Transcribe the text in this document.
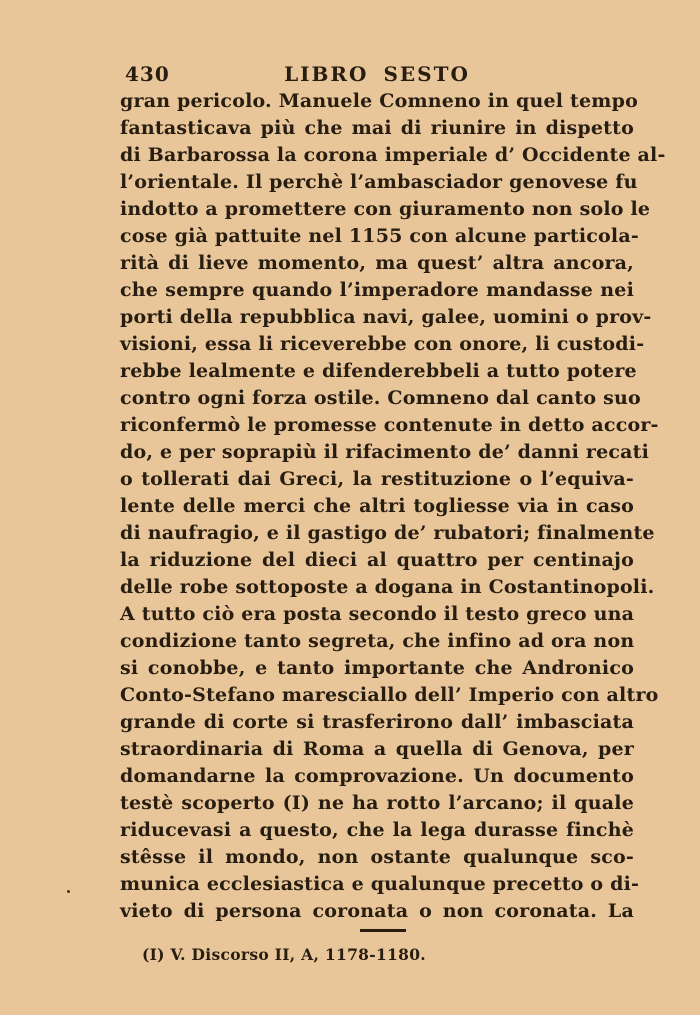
430	LIBRO SESTO
gran pericolo. Manuele Comneno in quel tempo
fantasticava più che mai di riunire in dispetto
di Barbarossa la corona imperiale d’ Occidente al-
l’orientale. Il perchè l’ambasciador genovese fu
indotto a promettere con giuramento non solo le
cose già pattuite nel 1155 con alcune particola-
rità di lieve momento, ma quest’ altra ancora,
che sempre quando l’imperadore mandasse nei
porti della repubblica navi, galee, uomini o prov-
visioni, essa li riceverebbe con onore, li custodi-
rebbe lealmente e difenderebbeli a tutto potere
contro ogni forza ostile. Comneno dal canto suo
riconfermò le promesse contenute in detto accor-
do, e per soprapiù il rifacimento de’ danni recati
o tollerati dai Greci, la restituzione o l’equiva-
lente delle merci che altri togliesse via in caso
di naufragio, e il gastigo de’ rubatori; finalmente
la riduzione del dieci al quattro per centinajo
delle robe sottoposte a dogana in Costantinopoli.
A tutto ciò era posta secondo il testo greco una
condizione tanto segreta, che infino ad ora non
si conobbe, e tanto importante che Andronico
Conto-Stefano maresciallo dell’ Imperio con altro
grande di corte si trasferirono dall’ imbasciata
straordinaria di Roma a quella di Genova, per
domandarne la comprovazione. Un documento
testè scoperto (I) ne ha rotto l’arcano; il quale
riducevasi a questo, che la lega durasse finchè
stêsse il mondo, non ostante qualunque sco-
munica ecclesiastica e qualunque precetto o di-
vieto di persona coronata o non coronata. La
(I) V. Discorso II, A, 1178-1180.
